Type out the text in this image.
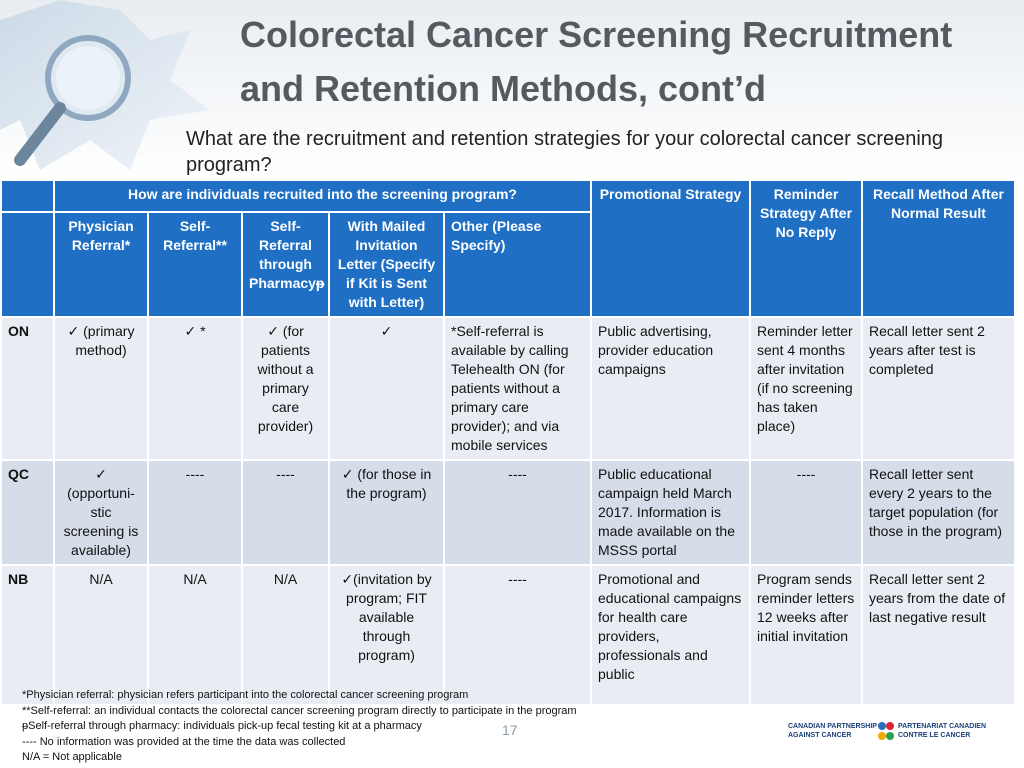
Colorectal Cancer Screening Recruitment
and Retention Methods, cont’d
What are the recruitment and retention strategies for your colorectal cancer screening program?
	How are individuals recruited into the screening program?					Promotional Strategy	Reminder Strategy After No Reply	Recall Method After Normal Result
	Physician Referral*	Self-Referral**	Self-Referral through Pharmacyᵽ	With Mailed Invitation Letter (Specify if Kit is Sent with Letter)	Other (Please Specify)			
ON	✓ (primary method)	✓ *	✓ (for patients without a primary care provider)	✓	*Self-referral is available by calling Telehealth ON (for patients without a primary care provider); and via mobile services	Public advertising, provider education campaigns	Reminder letter sent 4 months after invitation (if no screening has taken place)	Recall letter sent 2 years after test is completed
QC	✓ (opportuni-stic screening is available)	----	----	✓ (for those in the program)	----	Public educational campaign held March 2017. Information is made available on the MSSS portal	----	Recall letter sent every 2 years to the target population (for those in the program)
NB	N/A	N/A	N/A	✓(invitation by program; FIT available through program)	----	Promotional and educational campaigns for health care providers, professionals and public	Program sends reminder letters 12 weeks after initial invitation	Recall letter sent 2 years from the date of last negative result
*Physician referral: physician refers participant into the colorectal cancer screening program
**Self-referral: an individual contacts the colorectal cancer screening program directly to participate in the program
ᵽSelf-referral through pharmacy: individuals pick-up fecal testing kit at a pharmacy
---- No information was provided at the time the data was collected
N/A = Not applicable
17	CANADIAN PARTNERSHIP AGAINST CANCER
PARTENARIAT CANADIEN CONTRE LE CANCER
